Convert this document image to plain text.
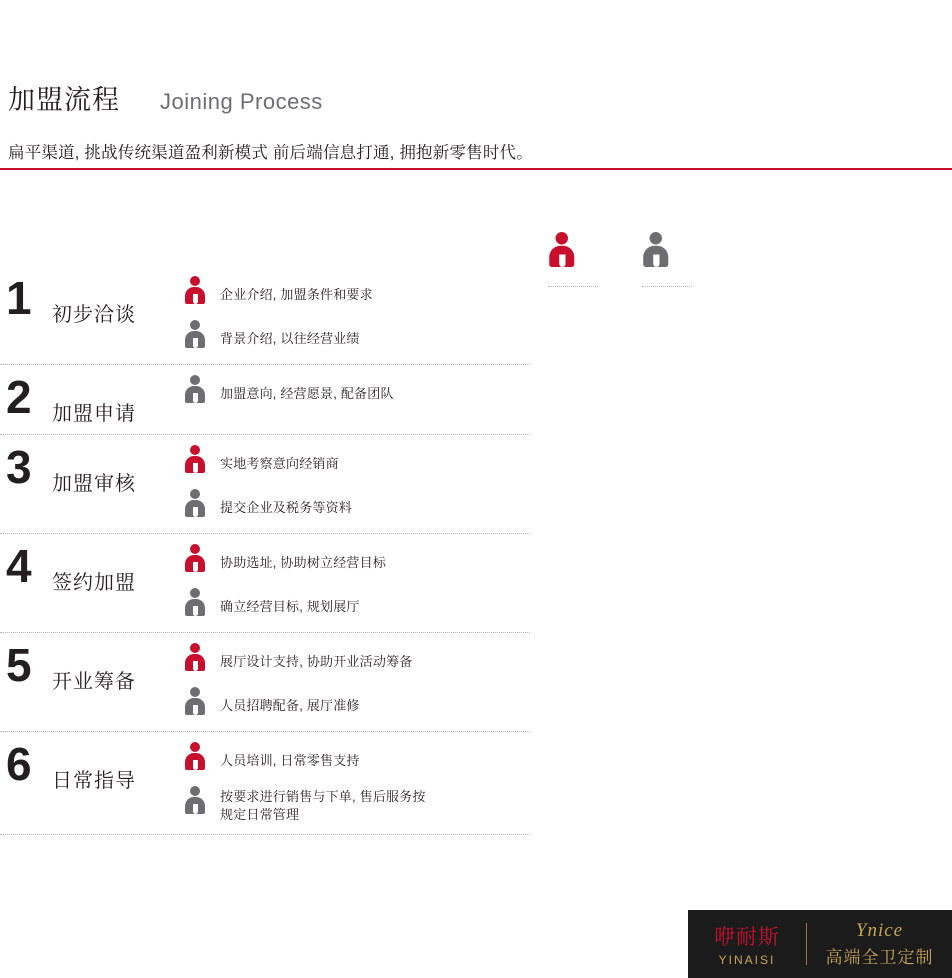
加盟流程 Joining Process
扁平渠道, 挑战传统渠道盈利新模式 前后端信息打通, 拥抱新零售时代。
1	初步洽谈
企业介绍, 加盟条件和要求
背景介绍, 以往经营业绩
2	加盟申请
加盟意向, 经营愿景, 配备团队
3	加盟审核
实地考察意向经销商
提交企业及税务等资料
4	签约加盟
协助选址, 协助树立经营目标
确立经营目标, 规划展厅
5	开业筹备
展厅设计支持, 协助开业活动筹备
人员招聘配备, 展厅准修
6	日常指导
人员培训, 日常零售支持
按要求进行销售与下单, 售后服务按规定日常管理
咿耐斯
YINAISI
Ynice
高端全卫定制
